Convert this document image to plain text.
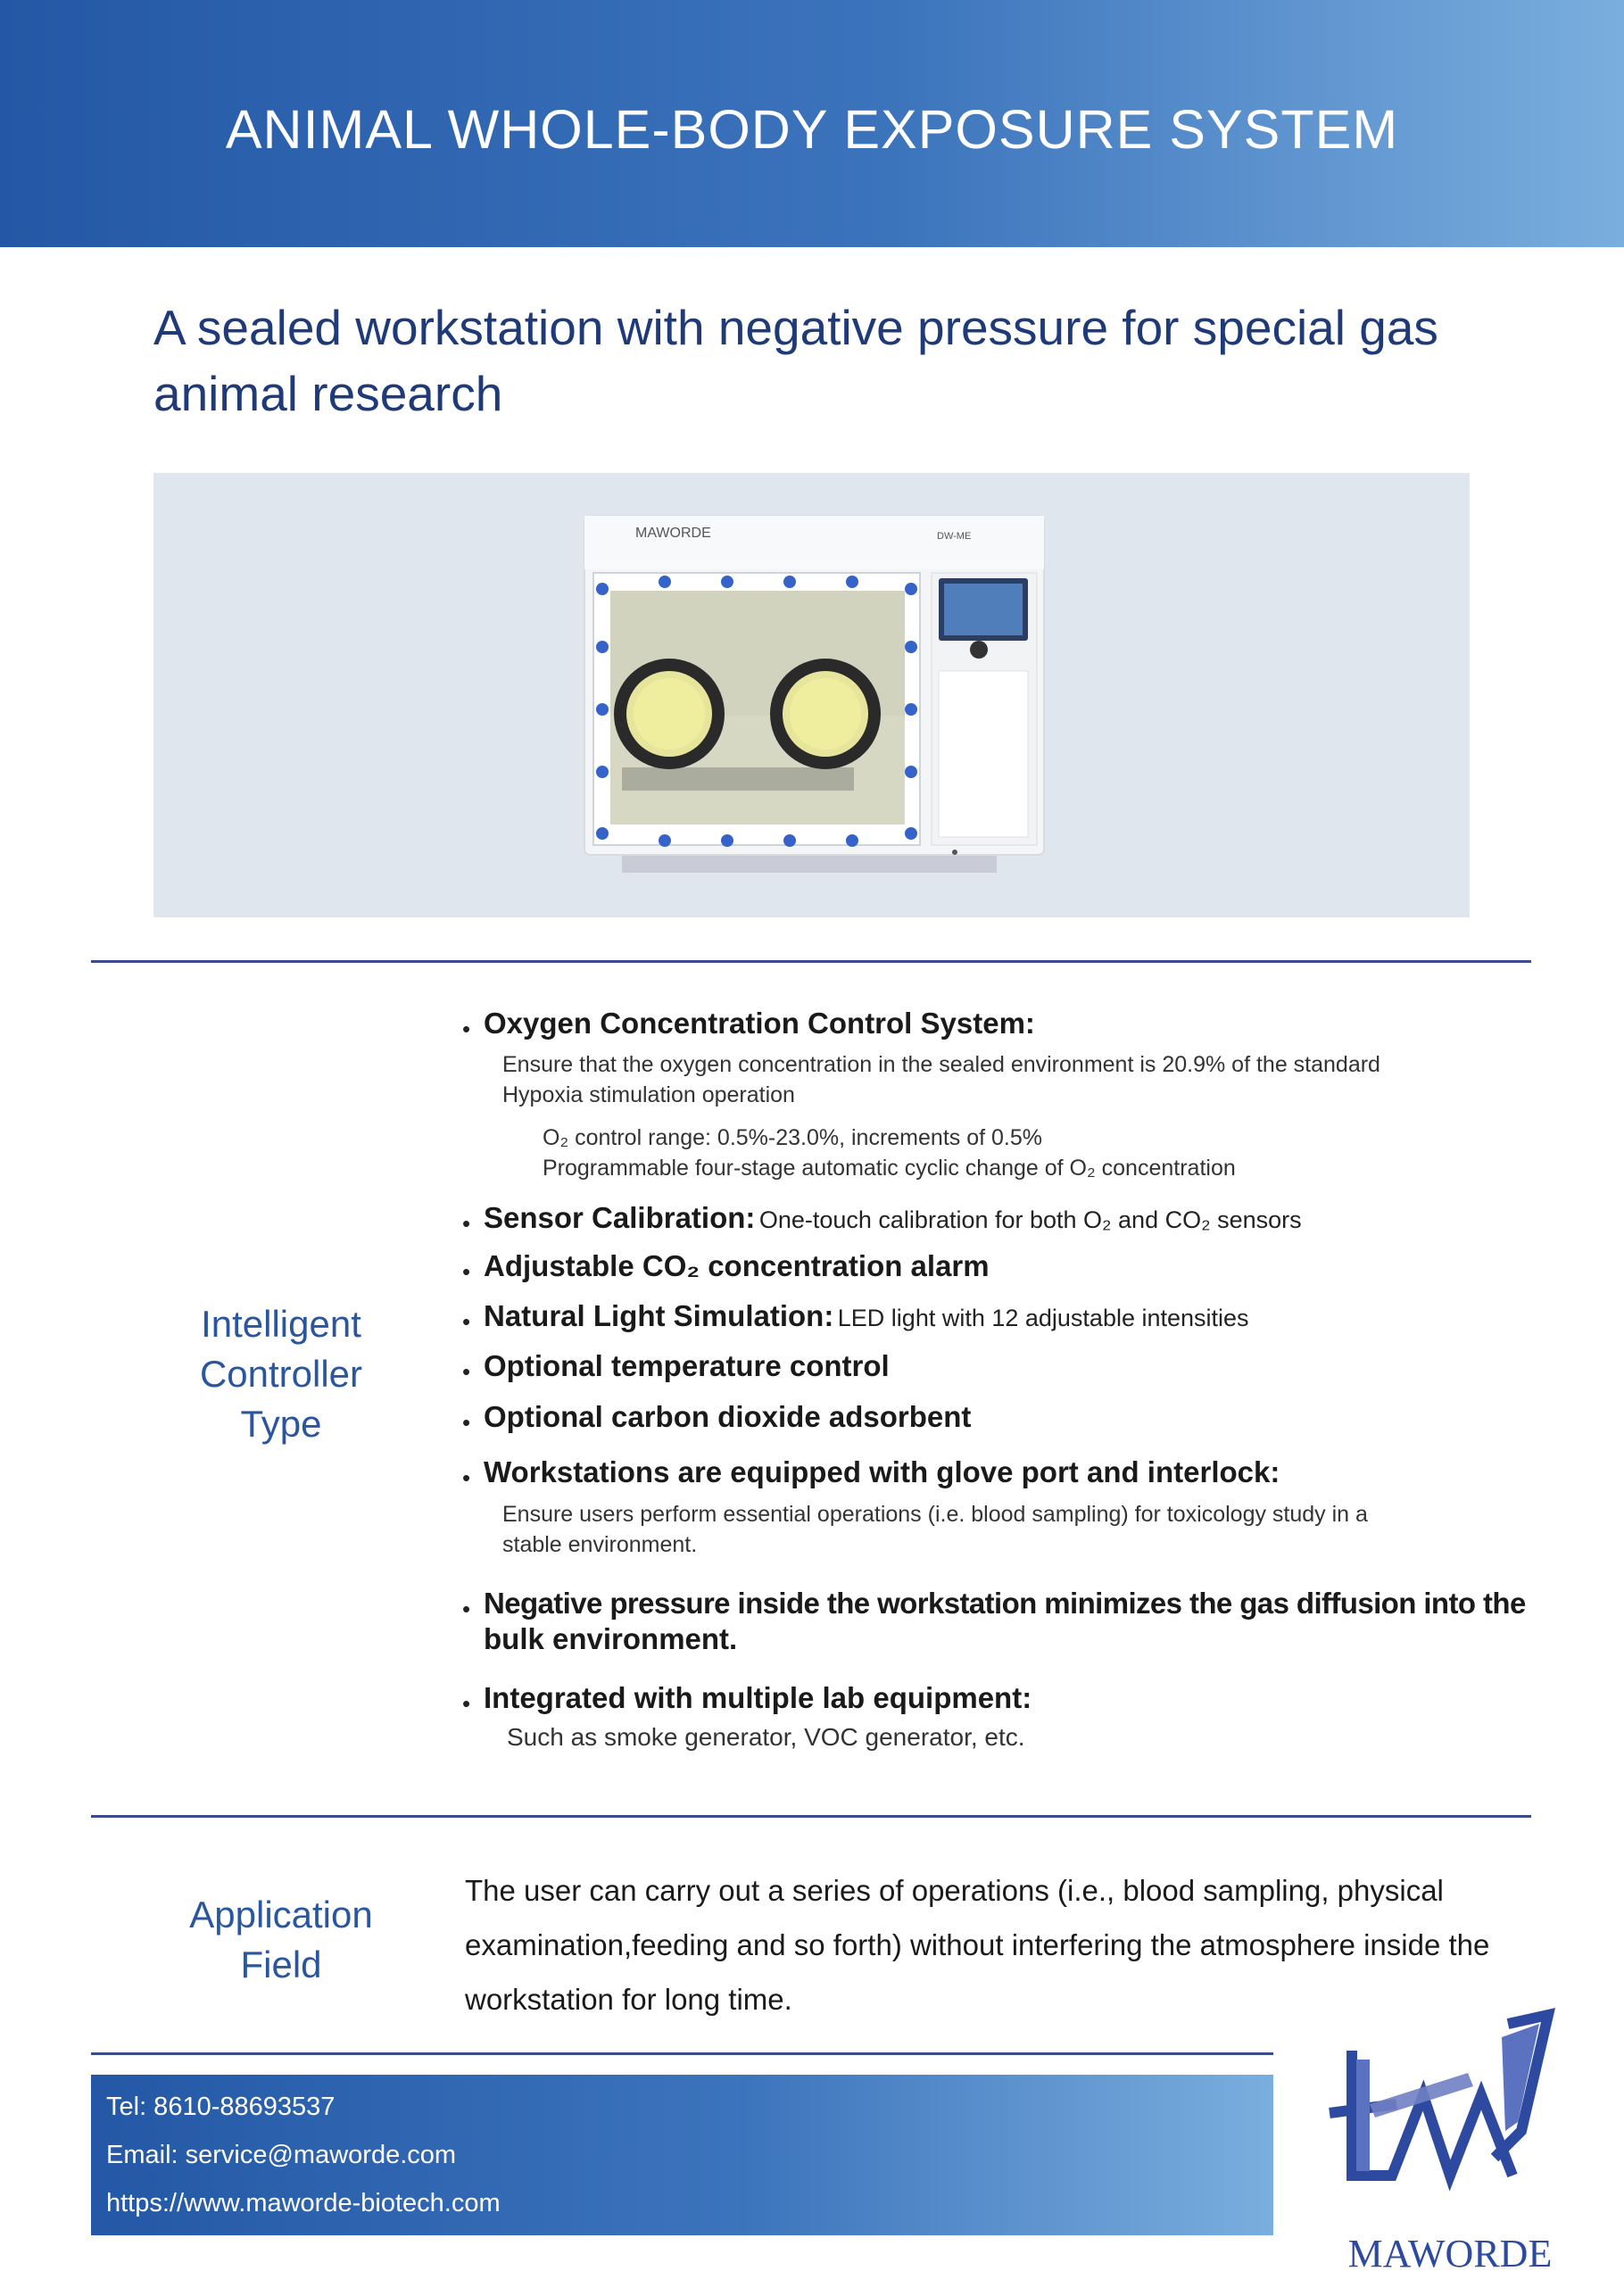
ANIMAL WHOLE-BODY EXPOSURE SYSTEM
A sealed workstation with negative pressure for special gas animal research
MAWORDE	DW-ME
Intelligent
Controller
Type
• Oxygen Concentration Control System:
Ensure that the oxygen concentration in the sealed environment is 20.9% of the standard
Hypoxia stimulation operation
O₂ control range: 0.5%-23.0%, increments of 0.5%
Programmable four-stage automatic cyclic change of O₂ concentration
• Sensor Calibration: One-touch calibration for both O₂ and CO₂ sensors
• Adjustable CO₂ concentration alarm
• Natural Light Simulation: LED light with 12 adjustable intensities
• Optional temperature control
• Optional carbon dioxide adsorbent
• Workstations are equipped with glove port and interlock:
Ensure users perform essential operations (i.e. blood sampling) for toxicology study in a
stable environment.
• Negative pressure inside the workstation minimizes the gas diffusion into the
bulk environment.
• Integrated with multiple lab equipment:
Such as smoke generator, VOC generator, etc.
Application
Field
The user can carry out a series of operations (i.e., blood sampling, physical examination,feeding and so forth) without interfering the atmosphere inside the workstation for long time.
Tel: 8610-88693537
Email: service@maworde.com
https://www.maworde-biotech.com
MAWORDE
